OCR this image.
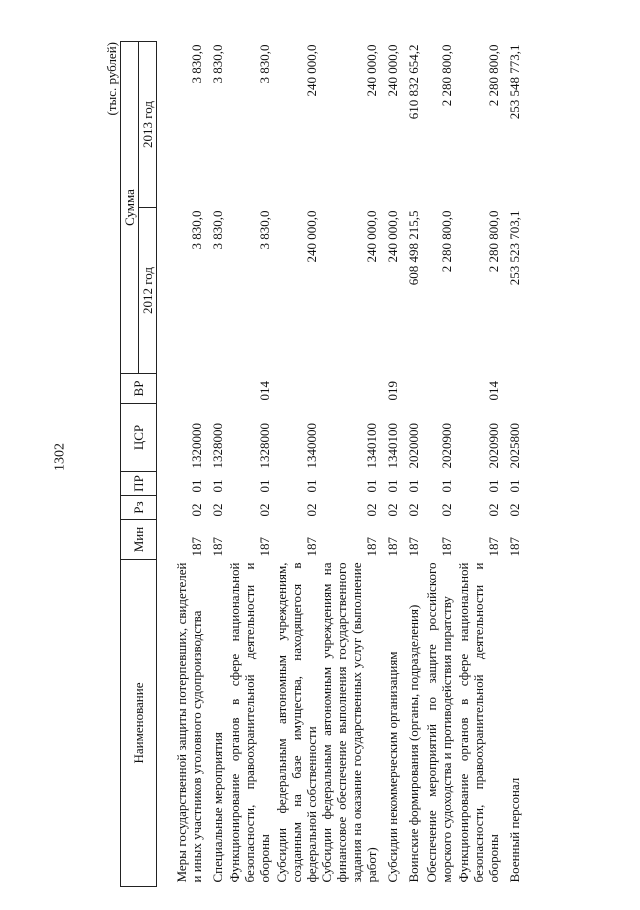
1302
(тыс. рублей)
Наименование	Мин	Рз	ПР	ЦСР	ВР	Сумма	
						2012 год	2013 год
Меры государственной защиты потерпевших, свидетелей и иных участников уголовного судопроизводства	187	02	01	1320000		3 830,0	3 830,0
Специальные мероприятия	187	02	01	1328000		3 830,0	3 830,0
Функционирование органов в сфере национальной безопасности, правоохранительной деятельности и обороны	187	02	01	1328000	014	3 830,0	3 830,0
Субсидии федеральным автономным учреждениям, созданным на базе имущества, находящегося в федеральной собственности	187	02	01	1340000		240 000,0	240 000,0
Субсидии федеральным автономным учреждениям на финансовое обеспечение выполнения государственного задания на оказание государственных услуг (выполнение работ)	187	02	01	1340100		240 000,0	240 000,0
Субсидии некоммерческим организациям	187	02	01	1340100	019	240 000,0	240 000,0
Воинские формирования (органы, подразделения)	187	02	01	2020000		608 498 215,5	610 832 654,2
Обеспечение мероприятий по защите российского морского судоходства и противодействия пиратству	187	02	01	2020900		2 280 800,0	2 280 800,0
Функционирование органов в сфере национальной безопасности, правоохранительной деятельности и обороны	187	02	01	2020900	014	2 280 800,0	2 280 800,0
Военный персонал	187	02	01	2025800		253 523 703,1	253 548 773,1
